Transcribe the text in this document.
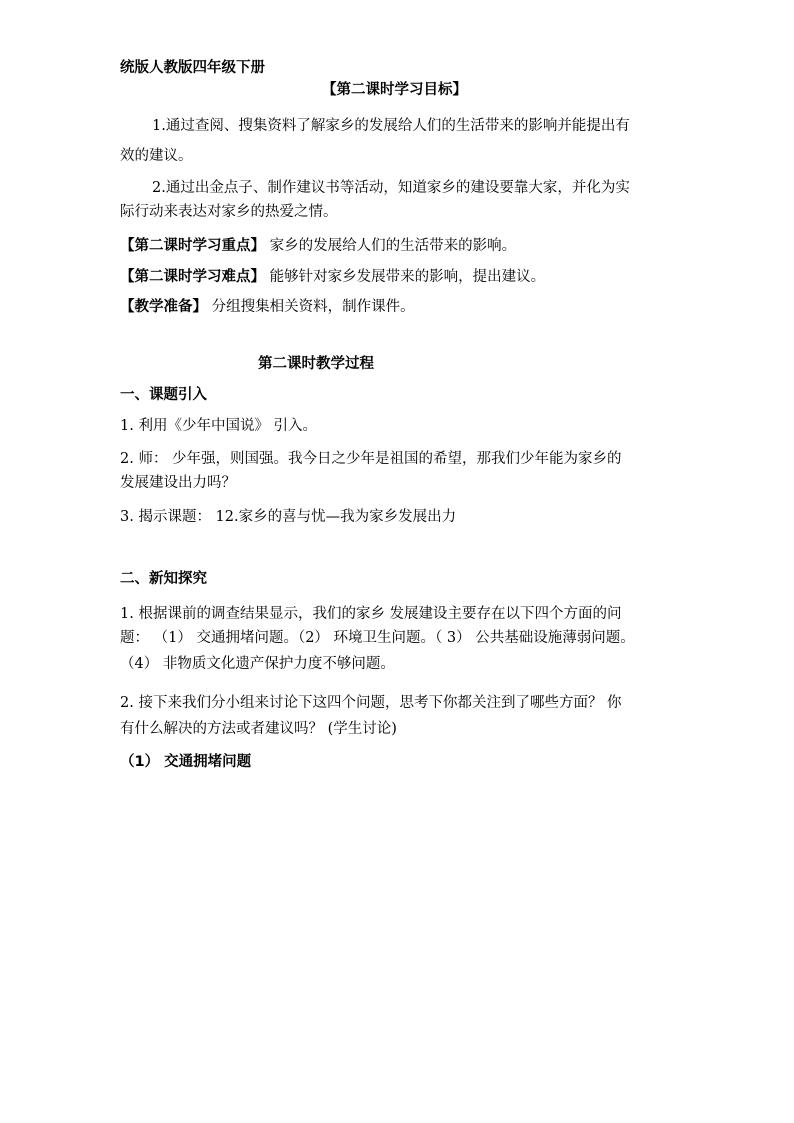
统版人教版四年级下册
【第二课时学习目标】
1.通过查阅、搜集资料了解家乡的发展给人们的生活带来的影响并能提出有
效的建议。
2.通过出金点子、制作建议书等活动，知道家乡的建设要靠大家，并化为实
际行动来表达对家乡的热爱之情。
【第二课时学习重点】 家乡的发展给人们的生活带来的影响。
【第二课时学习难点】 能够针对家乡发展带来的影响，提出建议。
【教学准备】 分组搜集相关资料，制作课件。
第二课时教学过程
一、课题引入
1. 利用《少年中国说》 引入。
2. 师： 少年强，则国强。我今日之少年是祖国的希望，那我们少年能为家乡的
发展建设出力吗？
3. 揭示课题： 12.家乡的喜与忧—我为家乡发展出力
二、新知探究
1. 根据课前的调查结果显示，我们的家乡 发展建设主要存在以下四个方面的问
题： （1） 交通拥堵问题。（2） 环境卫生问题。（ 3） 公共基础设施薄弱问题。
（4） 非物质文化遗产保护力度不够问题。
2. 接下来我们分小组来讨论下这四个问题，思考下你都关注到了哪些方面？ 你
有什么解决的方法或者建议吗？ (学生讨论)
（1） 交通拥堵问题
